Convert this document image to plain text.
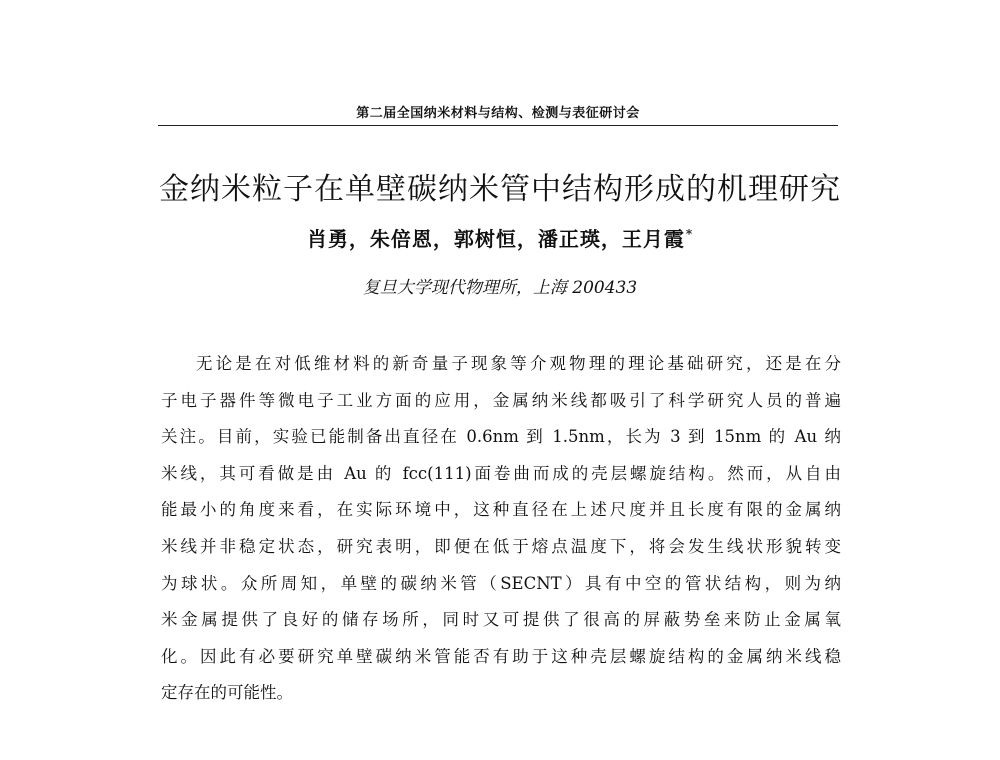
第二届全国纳米材料与结构、检测与表征研讨会
金纳米粒子在单壁碳纳米管中结构形成的机理研究
肖勇，朱倍恩，郭树恒，潘正瑛，王月霞*
复旦大学现代物理所，上海 200433
无论是在对低维材料的新奇量子现象等介观物理的理论基础研究，还是在分
子电子器件等微电子工业方面的应用，金属纳米线都吸引了科学研究人员的普遍
关注。目前，实验已能制备出直径在 0.6nm 到 1.5nm，长为 3 到 15nm 的 Au 纳
米线，其可看做是由 Au 的 fcc(111)面卷曲而成的壳层螺旋结构。然而，从自由
能最小的角度来看，在实际环境中，这种直径在上述尺度并且长度有限的金属纳
米线并非稳定状态，研究表明，即便在低于熔点温度下，将会发生线状形貌转变
为球状。众所周知，单壁的碳纳米管（SECNT）具有中空的管状结构，则为纳
米金属提供了良好的储存场所，同时又可提供了很高的屏蔽势垒来防止金属氧
化。因此有必要研究单壁碳纳米管能否有助于这种壳层螺旋结构的金属纳米线稳
定存在的可能性。
